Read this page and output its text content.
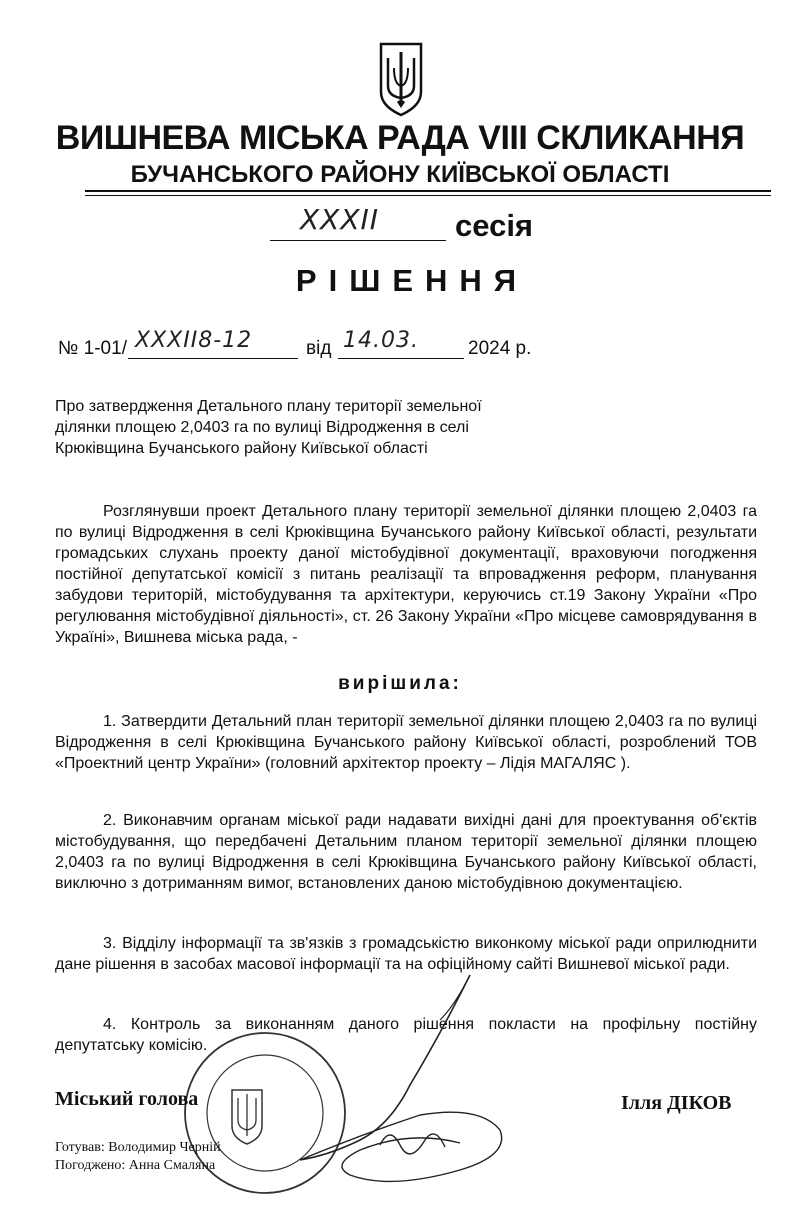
ВИШНЕВА МІСЬКА РАДА VIII СКЛИКАННЯ
БУЧАНСЬКОГО РАЙОНУ КИЇВСЬКОЇ ОБЛАСТІ
XXXII сесія
РІШЕННЯ
№ 1-01/ XXXII8-12	від 14.03.	2024 р.
Про затвердження Детального плану території земельної ділянки площею 2,0403 га по вулиці Відродження в селі Крюківщина Бучанського району Київської області
Розглянувши проект Детального плану території земельної ділянки площею 2,0403 га по вулиці Відродження в селі Крюківщина Бучанського району Київської області, результати громадських слухань проекту даної містобудівної документації, враховуючи погодження постійної депутатської комісії з питань реалізації та впровадження реформ, планування забудови територій, містобудування та архітектури, керуючись ст.19 Закону України «Про регулювання містобудівної діяльності», ст. 26 Закону України «Про місцеве самоврядування в Україні», Вишнева міська рада, -
вирішила:
1. Затвердити Детальний план території земельної ділянки площею 2,0403 га по вулиці Відродження в селі Крюківщина Бучанського району Київської області, розроблений ТОВ «Проектний центр України» (головний архітектор проекту – Лідія МАГАЛЯС ).
2. Виконавчим органам міської ради надавати вихідні дані для проектування об'єктів містобудування, що передбачені Детальним планом території земельної ділянки площею 2,0403 га по вулиці Відродження в селі Крюківщина Бучанського району Київської області, виключно з дотриманням вимог, встановлених даною містобудівною документацією.
3. Відділу інформації та зв'язків з громадськістю виконкому міської ради оприлюднити дане рішення в засобах масової інформації та на офіційному сайті Вишневої міської ради.
4. Контроль за виконанням даного рішення покласти на профільну постійну депутатську комісію.
Міський голова	Ілля ДІКОВ
Готував: Володимир Черній
Погоджено: Анна Смаляна
